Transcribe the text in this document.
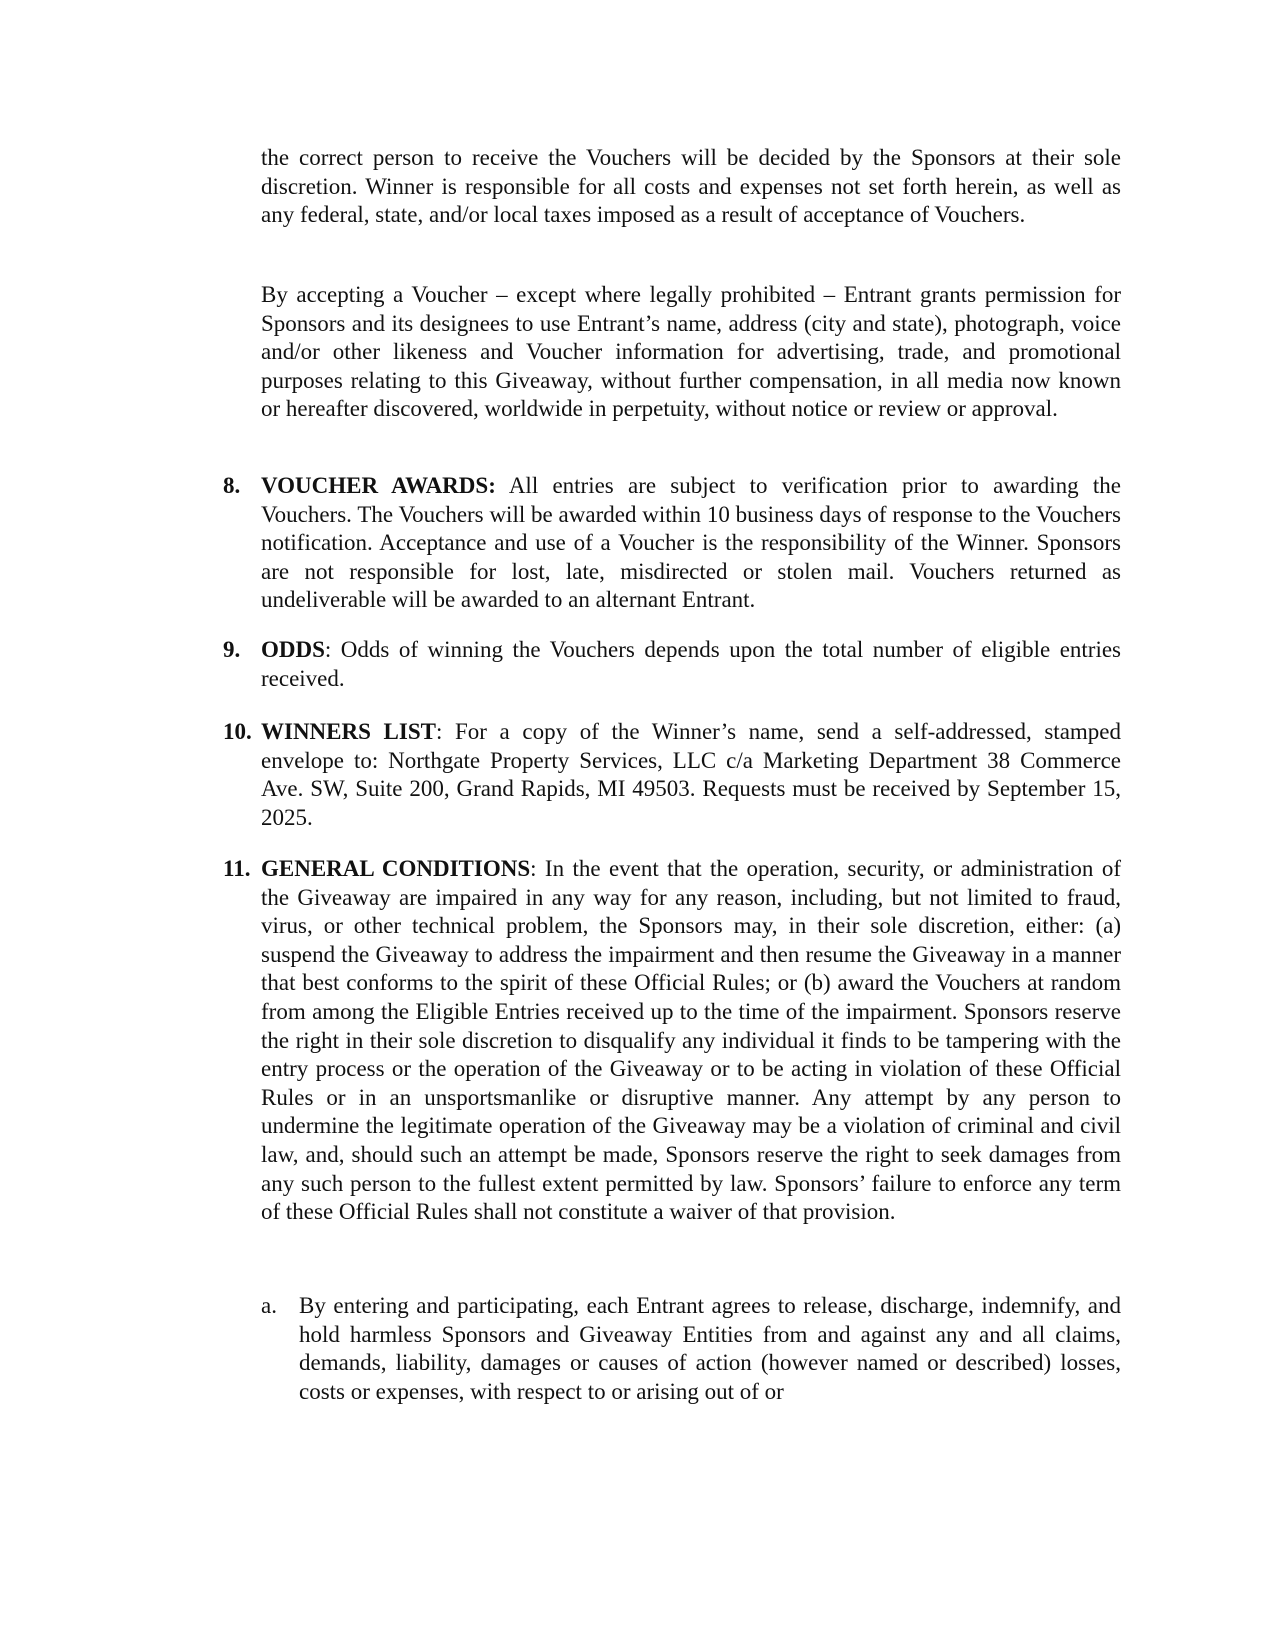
the correct person to receive the Vouchers will be decided by the Sponsors at their sole discretion. Winner is responsible for all costs and expenses not set forth herein, as well as any federal, state, and/or local taxes imposed as a result of acceptance of Vouchers.

By accepting a Voucher – except where legally prohibited – Entrant grants permission for Sponsors and its designees to use Entrant’s name, address (city and state), photograph, voice and/or other likeness and Voucher information for advertising, trade, and promotional purposes relating to this Giveaway, without further compensation, in all media now known or hereafter discovered, worldwide in perpetuity, without notice or review or approval.

8. VOUCHER AWARDS: All entries are subject to verification prior to awarding the Vouchers. The Vouchers will be awarded within 10 business days of response to the Vouchers notification. Acceptance and use of a Voucher is the responsibility of the Winner. Sponsors are not responsible for lost, late, misdirected or stolen mail. Vouchers returned as undeliverable will be awarded to an alternant Entrant.
9. ODDS: Odds of winning the Vouchers depends upon the total number of eligible entries received.
10. WINNERS LIST: For a copy of the Winner’s name, send a self-addressed, stamped envelope to: Northgate Property Services, LLC c/a Marketing Department 38 Commerce Ave. SW, Suite 200, Grand Rapids, MI 49503. Requests must be received by September 15, 2025.
11. GENERAL CONDITIONS: In the event that the operation, security, or administration of the Giveaway are impaired in any way for any reason, including, but not limited to fraud, virus, or other technical problem, the Sponsors may, in their sole discretion, either: (a) suspend the Giveaway to address the impairment and then resume the Giveaway in a manner that best conforms to the spirit of these Official Rules; or (b) award the Vouchers at random from among the Eligible Entries received up to the time of the impairment. Sponsors reserve the right in their sole discretion to disqualify any individual it finds to be tampering with the entry process or the operation of the Giveaway or to be acting in violation of these Official Rules or in an unsportsmanlike or disruptive manner. Any attempt by any person to undermine the legitimate operation of the Giveaway may be a violation of criminal and civil law, and, should such an attempt be made, Sponsors reserve the right to seek damages from any such person to the fullest extent permitted by law. Sponsors’ failure to enforce any term of these Official Rules shall not constitute a waiver of that provision.
a. By entering and participating, each Entrant agrees to release, discharge, indemnify, and hold harmless Sponsors and Giveaway Entities from and against any and all claims, demands, liability, damages or causes of action (however named or described) losses, costs or expenses, with respect to or arising out of or
